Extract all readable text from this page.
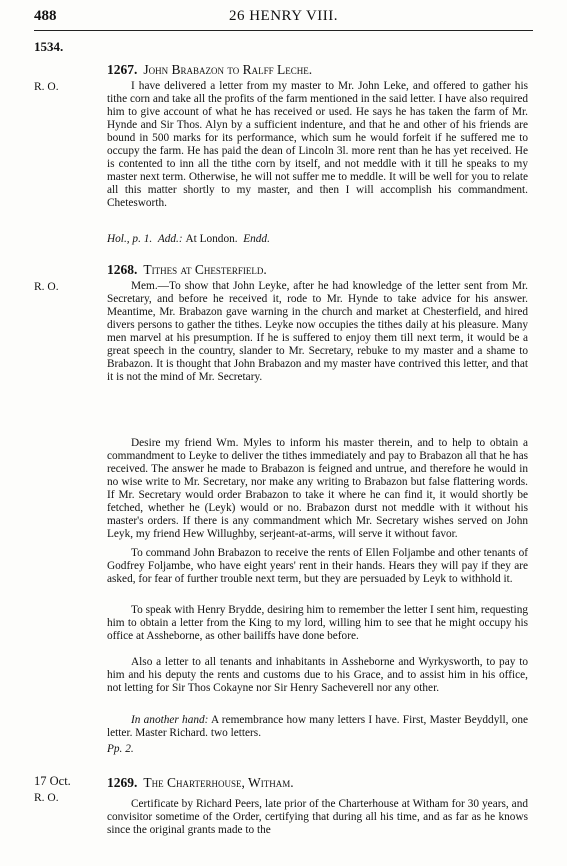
488	26 HENRY VIII.
1534.
R. O.
1267. John Brabazon to Ralff Leche.
I have delivered a letter from my master to Mr. John Leke, and offered to gather his tithe corn and take all the profits of the farm mentioned in the said letter. I have also required him to give account of what he has received or used. He says he has taken the farm of Mr. Hynde and Sir Thos. Alyn by a sufficient indenture, and that he and other of his friends are bound in 500 marks for its performance, which sum he would forfeit if he suffered me to occupy the farm. He has paid the dean of Lincoln 3l. more rent than he has yet received. He is contented to inn all the tithe corn by itself, and not meddle with it till he speaks to my master next term. Otherwise, he will not suffer me to meddle. It will be well for you to relate all this matter shortly to my master, and then I will accomplish his commandment. Chetesworth.
Hol., p. 1. Add.: At London. Endd.
R. O.
1268. Tithes at Chesterfield.
Mem.—To show that John Leyke, after he had knowledge of the letter sent from Mr. Secretary, and before he received it, rode to Mr. Hynde to take advice for his answer. Meantime, Mr. Brabazon gave warning in the church and market at Chesterfield, and hired divers persons to gather the tithes. Leyke now occupies the tithes daily at his pleasure. Many men marvel at his presumption. If he is suffered to enjoy them till next term, it would be a great speech in the country, slander to Mr. Secretary, rebuke to my master and a shame to Brabazon. It is thought that John Brabazon and my master have contrived this letter, and that it is not the mind of Mr. Secretary.
Desire my friend Wm. Myles to inform his master therein, and to help to obtain a commandment to Leyke to deliver the tithes immediately and pay to Brabazon all that he has received. The answer he made to Brabazon is feigned and untrue, and therefore he would in no wise write to Mr. Secretary, nor make any writing to Brabazon but false flattering words. If Mr. Secretary would order Brabazon to take it where he can find it, it would shortly be fetched, whether he (Leyk) would or no. Brabazon durst not meddle with it without his master's orders. If there is any commandment which Mr. Secretary wishes served on John Leyk, my friend Hew Willughby, serjeant-at-arms, will serve it without favor.
To command John Brabazon to receive the rents of Ellen Foljambe and other tenants of Godfrey Foljambe, who have eight years' rent in their hands. Hears they will pay if they are asked, for fear of further trouble next term, but they are persuaded by Leyk to withhold it.
To speak with Henry Brydde, desiring him to remember the letter I sent him, requesting him to obtain a letter from the King to my lord, willing him to see that he might occupy his office at Assheborne, as other bailiffs have done before.
Also a letter to all tenants and inhabitants in Assheborne and Wyrkysworth, to pay to him and his deputy the rents and customs due to his Grace, and to assist him in his office, not letting for Sir Thos Cokayne nor Sir Henry Sacheverell nor any other.
In another hand: A remembrance how many letters I have. First, Master Beyddyll, one letter. Master Richard. two letters.
Pp. 2.
17 Oct.
R. O.
1269. The Charterhouse, Witham.
Certificate by Richard Peers, late prior of the Charterhouse at Witham for 30 years, and convisitor sometime of the Order, certifying that during all his time, and as far as he knows since the original grants made to the
